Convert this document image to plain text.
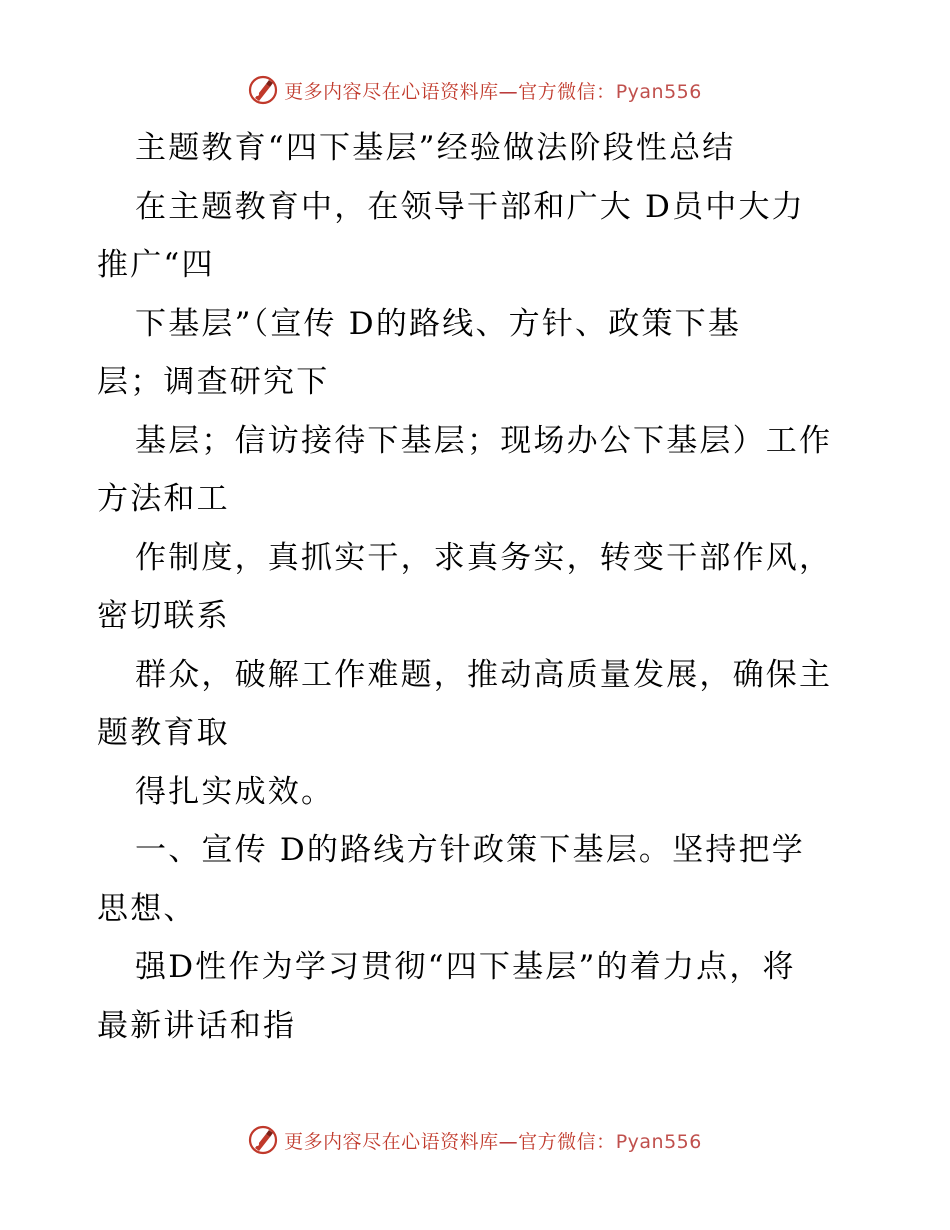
更多内容尽在心语资料库—官方微信：Pyan556
主题教育“四下基层”经验做法阶段性总结
在主题教育中，在领导干部和广大 D员中大力
推广“四
下基层”（宣传 D的路线、方针、政策下基
层；调查研究下
基层；信访接待下基层；现场办公下基层）工作
方法和工
作制度，真抓实干，求真务实，转变干部作风，
密切联系
群众，破解工作难题，推动高质量发展，确保主
题教育取
得扎实成效。
一、宣传 D的路线方针政策下基层。坚持把学
思想、
强D性作为学习贯彻“四下基层”的着力点，将
最新讲话和指
更多内容尽在心语资料库—官方微信：Pyan556
